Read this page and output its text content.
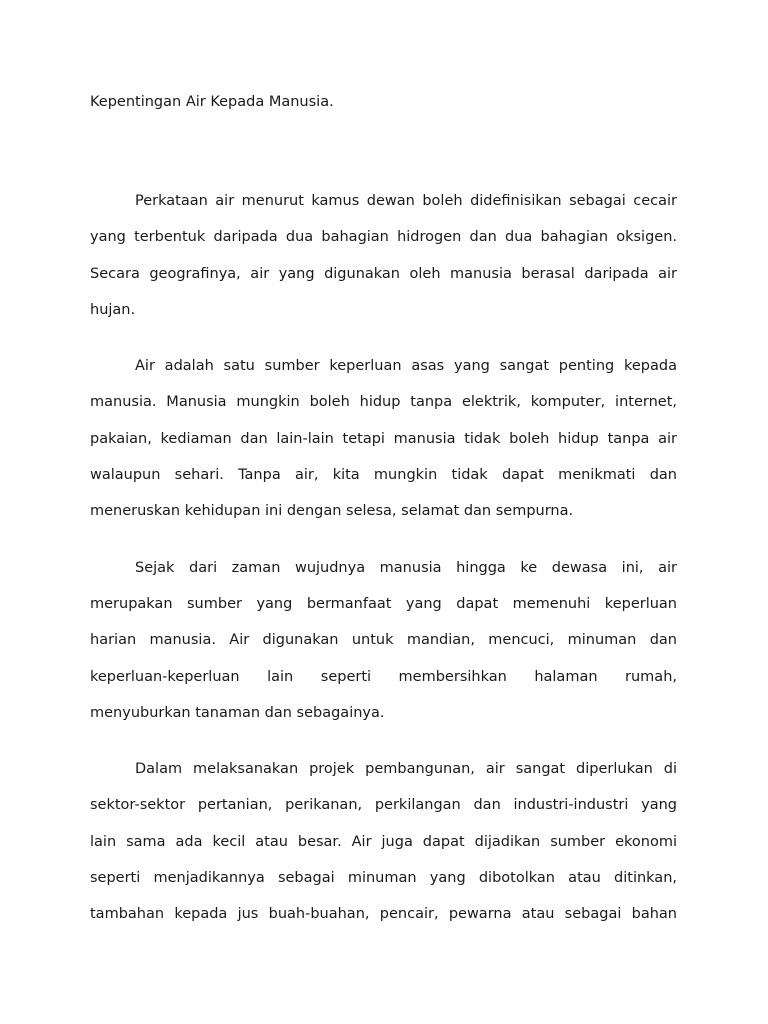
Kepentingan Air Kepada Manusia.

Perkataan air menurut kamus dewan boleh didefinisikan sebagai cecair
yang terbentuk daripada dua bahagian hidrogen dan dua bahagian oksigen.
Secara geografinya, air yang digunakan oleh manusia berasal daripada air
hujan.

Air adalah satu sumber keperluan asas yang sangat penting kepada
manusia. Manusia mungkin boleh hidup tanpa elektrik, komputer, internet,
pakaian, kediaman dan lain-lain tetapi manusia tidak boleh hidup tanpa air
walaupun sehari. Tanpa air, kita mungkin tidak dapat menikmati dan
meneruskan kehidupan ini dengan selesa, selamat dan sempurna.

Sejak dari zaman wujudnya manusia hingga ke dewasa ini, air
merupakan sumber yang bermanfaat yang dapat memenuhi keperluan
harian manusia. Air digunakan untuk mandian, mencuci, minuman dan
keperluan-keperluan lain seperti membersihkan halaman rumah,
menyuburkan tanaman dan sebagainya.

Dalam melaksanakan projek pembangunan, air sangat diperlukan di
sektor-sektor pertanian, perikanan, perkilangan dan industri-industri yang
lain sama ada kecil atau besar. Air juga dapat dijadikan sumber ekonomi
seperti menjadikannya sebagai minuman yang dibotolkan atau ditinkan,
tambahan kepada jus buah-buahan, pencair, pewarna atau sebagai bahan
